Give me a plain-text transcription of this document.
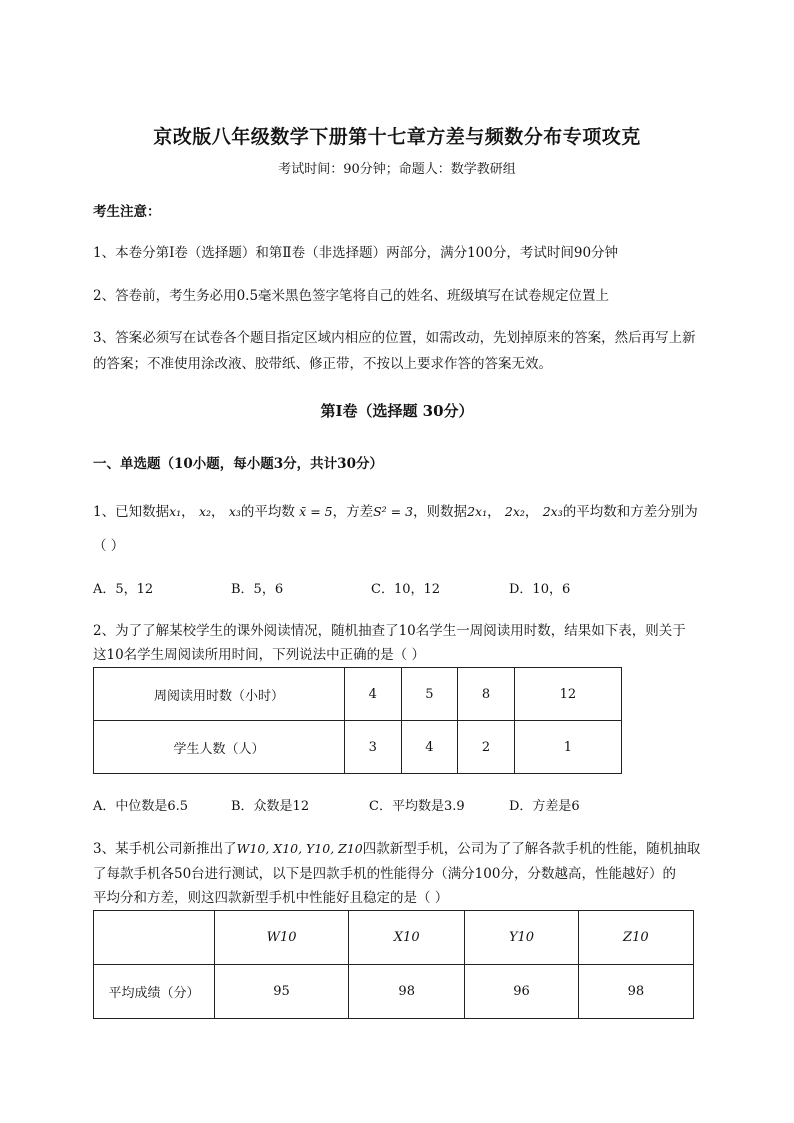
京改版八年级数学下册第十七章方差与频数分布专项攻克
考试时间：90分钟；命题人：数学教研组
考生注意：
1、本卷分第I卷（选择题）和第Ⅱ卷（非选择题）两部分，满分100分，考试时间90分钟
2、答卷前，考生务必用0.5毫米黑色签字笔将自己的姓名、班级填写在试卷规定位置上
3、答案必须写在试卷各个题目指定区域内相应的位置，如需改动，先划掉原来的答案，然后再写上新
的答案；不准使用涂改液、胶带纸、修正带，不按以上要求作答的答案无效。
第I卷（选择题 30分）
一、单选题（10小题，每小题3分，共计30分）
1、已知数据x₁， x₂， x₃的平均数 x̄ = 5，方差S² = 3，则数据2x₁， 2x₂， 2x₃的平均数和方差分别为
（ ）
A．5，12	B．5，6	C．10，12	D．10，6
2、为了了解某校学生的课外阅读情况，随机抽查了10名学生一周阅读用时数，结果如下表，则关于
这10名学生周阅读所用时间，下列说法中正确的是（ ）
周阅读用时数（小时）	4	5	8	12
学生人数（人）	3	4	2	1
A．中位数是6.5	B．众数是12	C．平均数是3.9	D．方差是6
3、某手机公司新推出了W10, X10, Y10, Z10四款新型手机，公司为了了解各款手机的性能，随机抽取
了每款手机各50台进行测试，以下是四款手机的性能得分（满分100分，分数越高，性能越好）的
平均分和方差，则这四款新型手机中性能好且稳定的是（ ）
	W10	X10	Y10	Z10
平均成绩（分）	95	98	96	98
